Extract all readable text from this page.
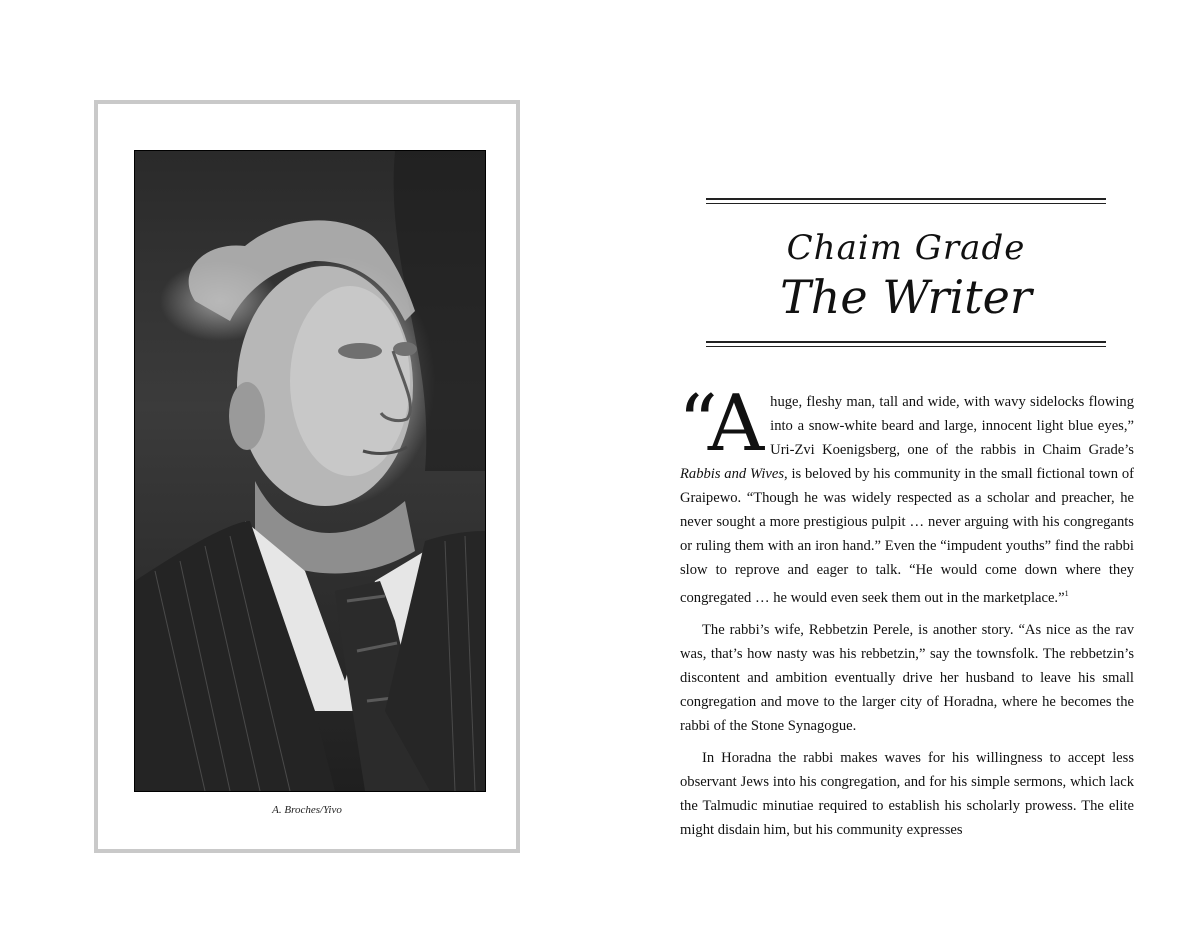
A. Broches/Yivo
Chaim Grade
The Writer

“Ahuge, fleshy man, tall and wide, with wavy sidelocks flowing into a snow-white beard and large, innocent light blue eyes,” Uri-Zvi Koenigsberg, one of the rabbis in Chaim Grade’s Rabbis and Wives, is beloved by his community in the small fictional town of Graipewo. “Though he was widely respected as a scholar and preacher, he never sought a more prestigious pulpit … never arguing with his congregants or ruling them with an iron hand.” Even the “impudent youths” find the rabbi slow to reprove and eager to talk. “He would come down where they congregated … he would even seek them out in the marketplace.”$^1$

The rabbi’s wife, Rebbetzin Perele, is another story. “As nice as the rav was, that’s how nasty was his rebbetzin,” say the townsfolk. The rebbetzin’s discontent and ambition eventually drive her husband to leave his small congregation and move to the larger city of Horadna, where he becomes the rabbi of the Stone Synagogue.

In Horadna the rabbi makes waves for his willingness to accept less observant Jews into his congregation, and for his simple sermons, which lack the Talmudic minutiae required to establish his scholarly prowess. The elite might disdain him, but his community expresses
